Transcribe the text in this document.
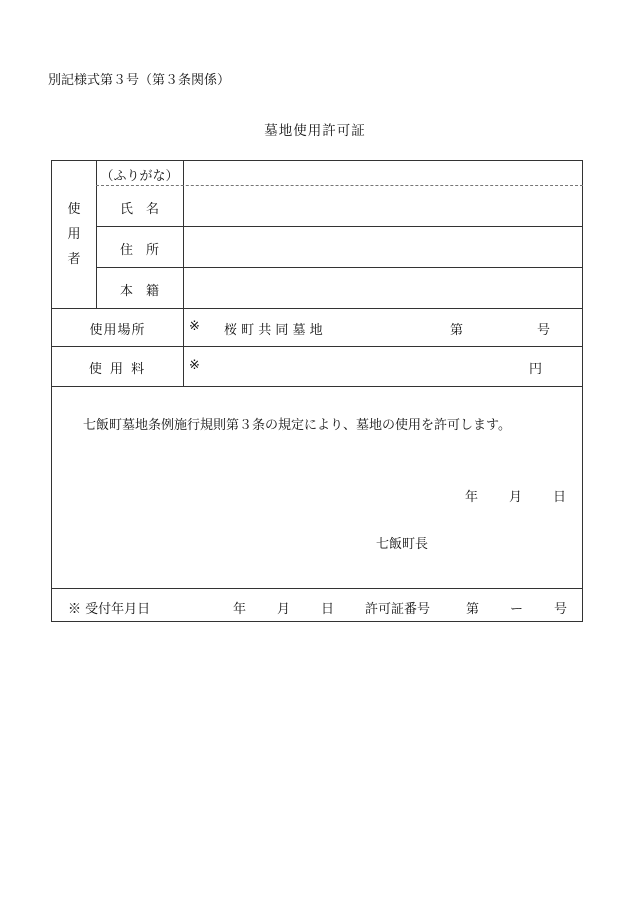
別記様式第３号（第３条関係）
墓地使用許可証
使
用
者
（ふりがな）
氏　名
住　所
本　籍
使用場所	※ 桜 町 共 同 墓 地	第	号
使 用 料	※	円
七飯町墓地条例施行規則第３条の規定により、墓地の使用を許可します。
年 月 日
七飯町長
※ 受付年月日	年 月 日 許可証番号	第 ー 号
